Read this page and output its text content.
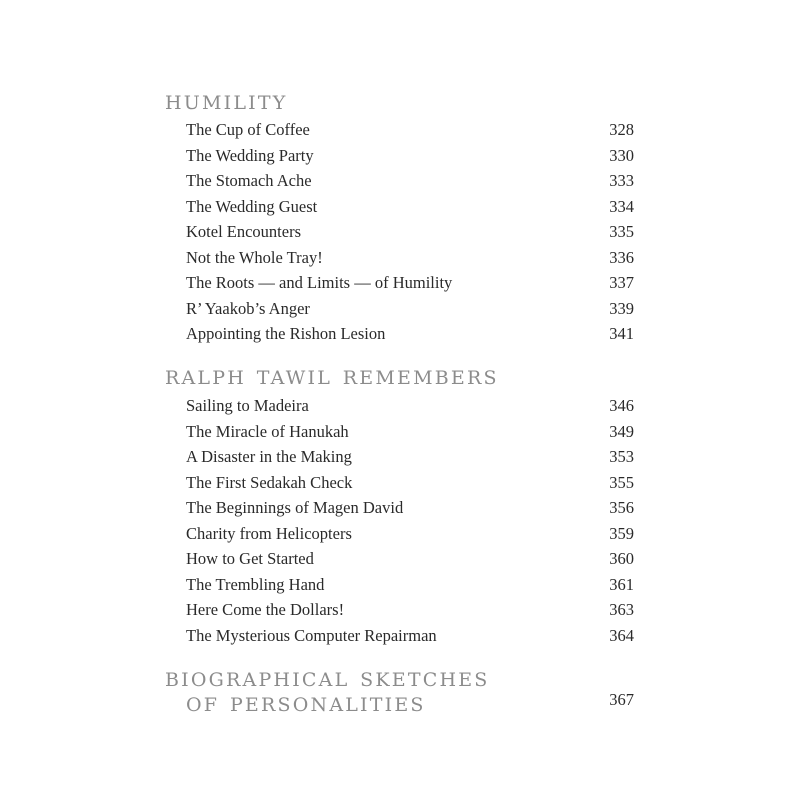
humility
The Cup of Coffee	328
The Wedding Party	330
The Stomach Ache	333
The Wedding Guest	334
Kotel Encounters	335
Not the Whole Tray!	336
The Roots — and Limits — of Humility	337
R’ Yaakob’s Anger	339
Appointing the Rishon Lesion	341
ralph tawil remembers
Sailing to Madeira	346
The Miracle of Hanukah	349
A Disaster in the Making	353
The First Sedakah Check	355
The Beginnings of Magen David	356
Charity from Helicopters	359
How to Get Started	360
The Trembling Hand	361
Here Come the Dollars!	363
The Mysterious Computer Repairman	364
biographical sketches
of personalities	367
